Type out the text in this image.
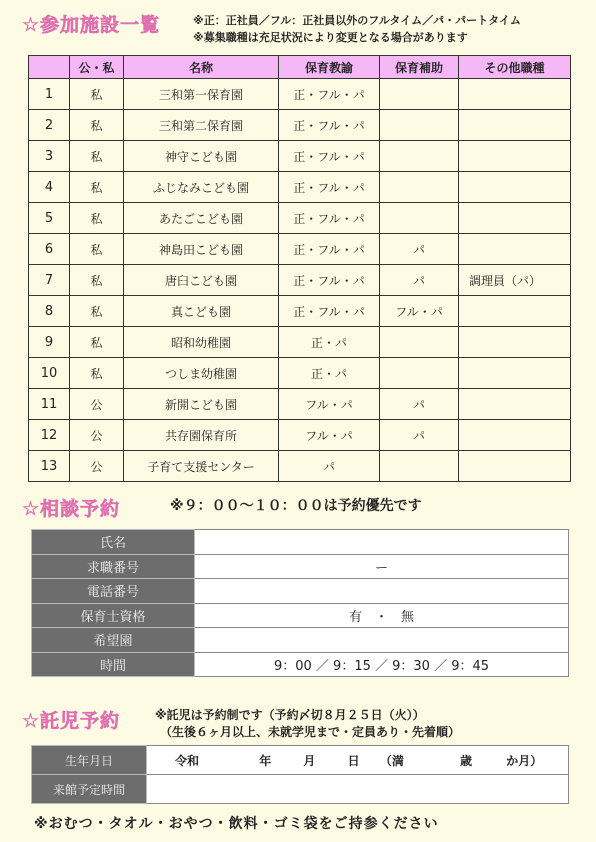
☆参加施設一覧	※正：正社員／フル：正社員以外のフルタイム／パ・パートタイム
※募集職種は充足状況により変更となる場合があります
	公・私	名称	保育教諭	保育補助	その他職種
1	私	三和第一保育園	正・フル・パ		
2	私	三和第二保育園	正・フル・パ		
3	私	神守こども園	正・フル・パ		
4	私	ふじなみこども園	正・フル・パ		
5	私	あたごこども園	正・フル・パ		
6	私	神島田こども園	正・フル・パ	パ	
7	私	唐臼こども園	正・フル・パ	パ	調理員（パ）
8	私	真こども園	正・フル・パ	フル・パ	
9	私	昭和幼稚園	正・パ		
10	私	つしま幼稚園	正・パ		
11	公	新開こども園	フル・パ	パ	
12	公	共存園保育所	フル・パ	パ	
13	公	子育て支援センター	パ		
☆相談予約	※９：００〜１０：００は予約優先です
氏名	
求職番号	ー
電話番号	
保育士資格	有　・　無
希望園	
時間	9：00 ／ 9：15 ／ 9：30 ／ 9：45
☆託児予約	※託児は予約制です（予約〆切８月２５日（火））
（生後６ヶ月以上、未就学児まで・定員あり・先着順）
生年月日	令和 年 月 日 （満 歳 か月）
来館予定時間	
※おむつ・タオル・おやつ・飲料・ゴミ袋をご持参ください
